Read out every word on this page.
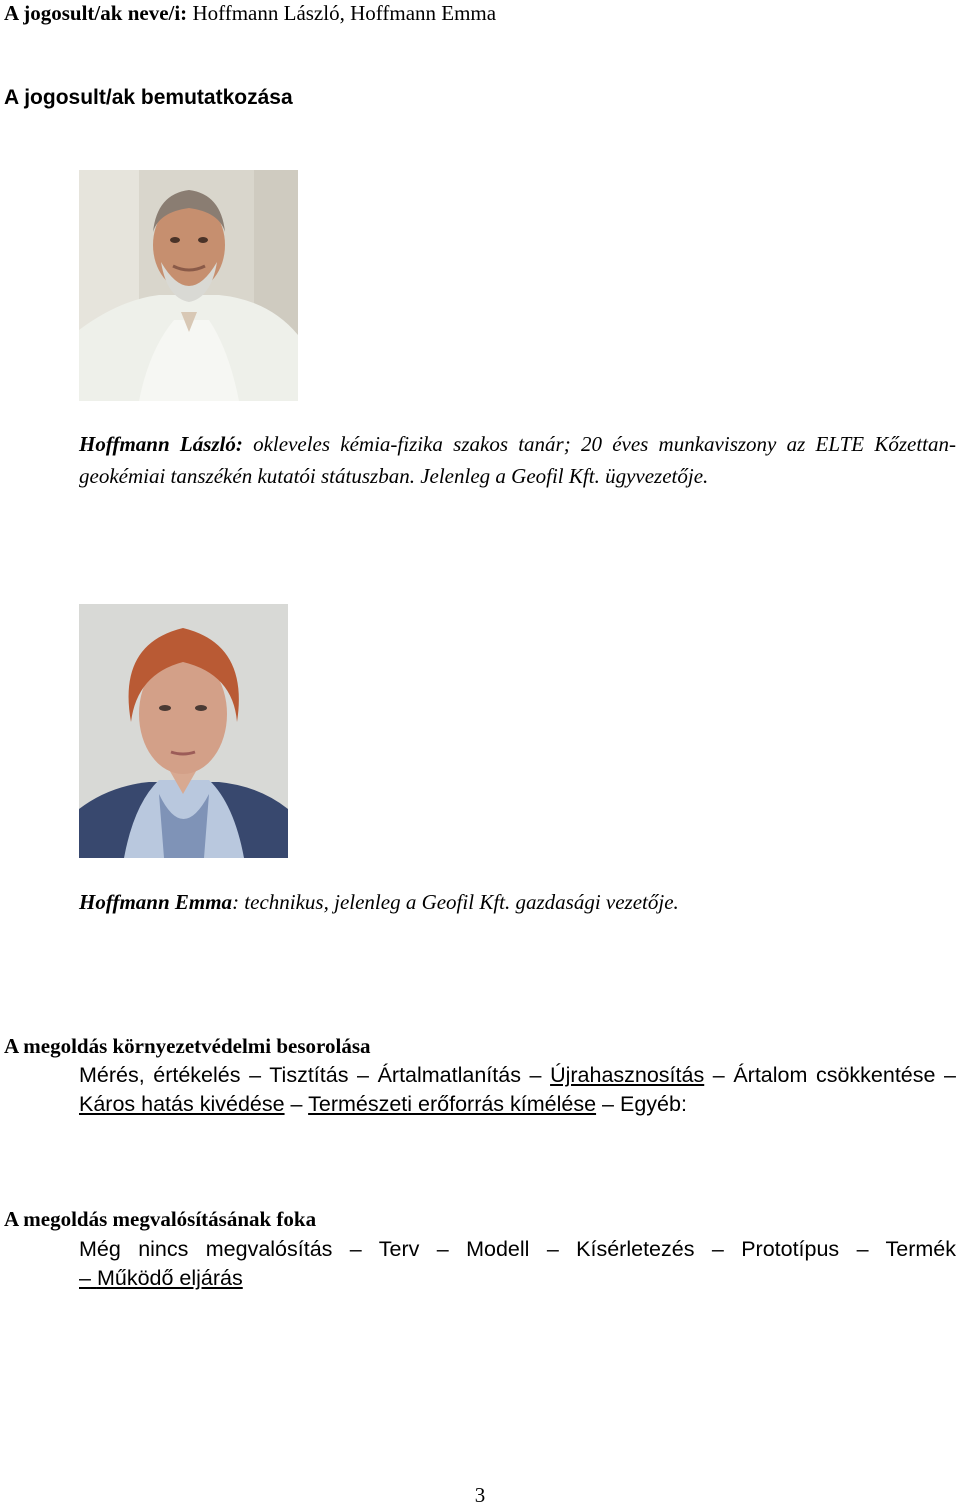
A jogosult/ak neve/i: Hoffmann László, Hoffmann Emma
A jogosult/ak bemutatkozása
Hoffmann László: okleveles kémia-fizika szakos tanár; 20 éves munkaviszony az ELTE Kőzettan-geokémiai tanszékén kutatói státuszban. Jelenleg a Geofil Kft. ügyvezetője.
Hoffmann Emma: technikus, jelenleg a Geofil Kft. gazdasági vezetője.
A megoldás környezetvédelmi besorolása
Mérés, értékelés – Tisztítás – Ártalmatlanítás – Újrahasznosítás – Ártalom csökkentése – Káros hatás kivédése – Természeti erőforrás kímélése – Egyéb:
A megoldás megvalósításának foka
Még nincs megvalósítás – Terv – Modell – Kísérletezés – Prototípus – Termék – Működő eljárás
3
